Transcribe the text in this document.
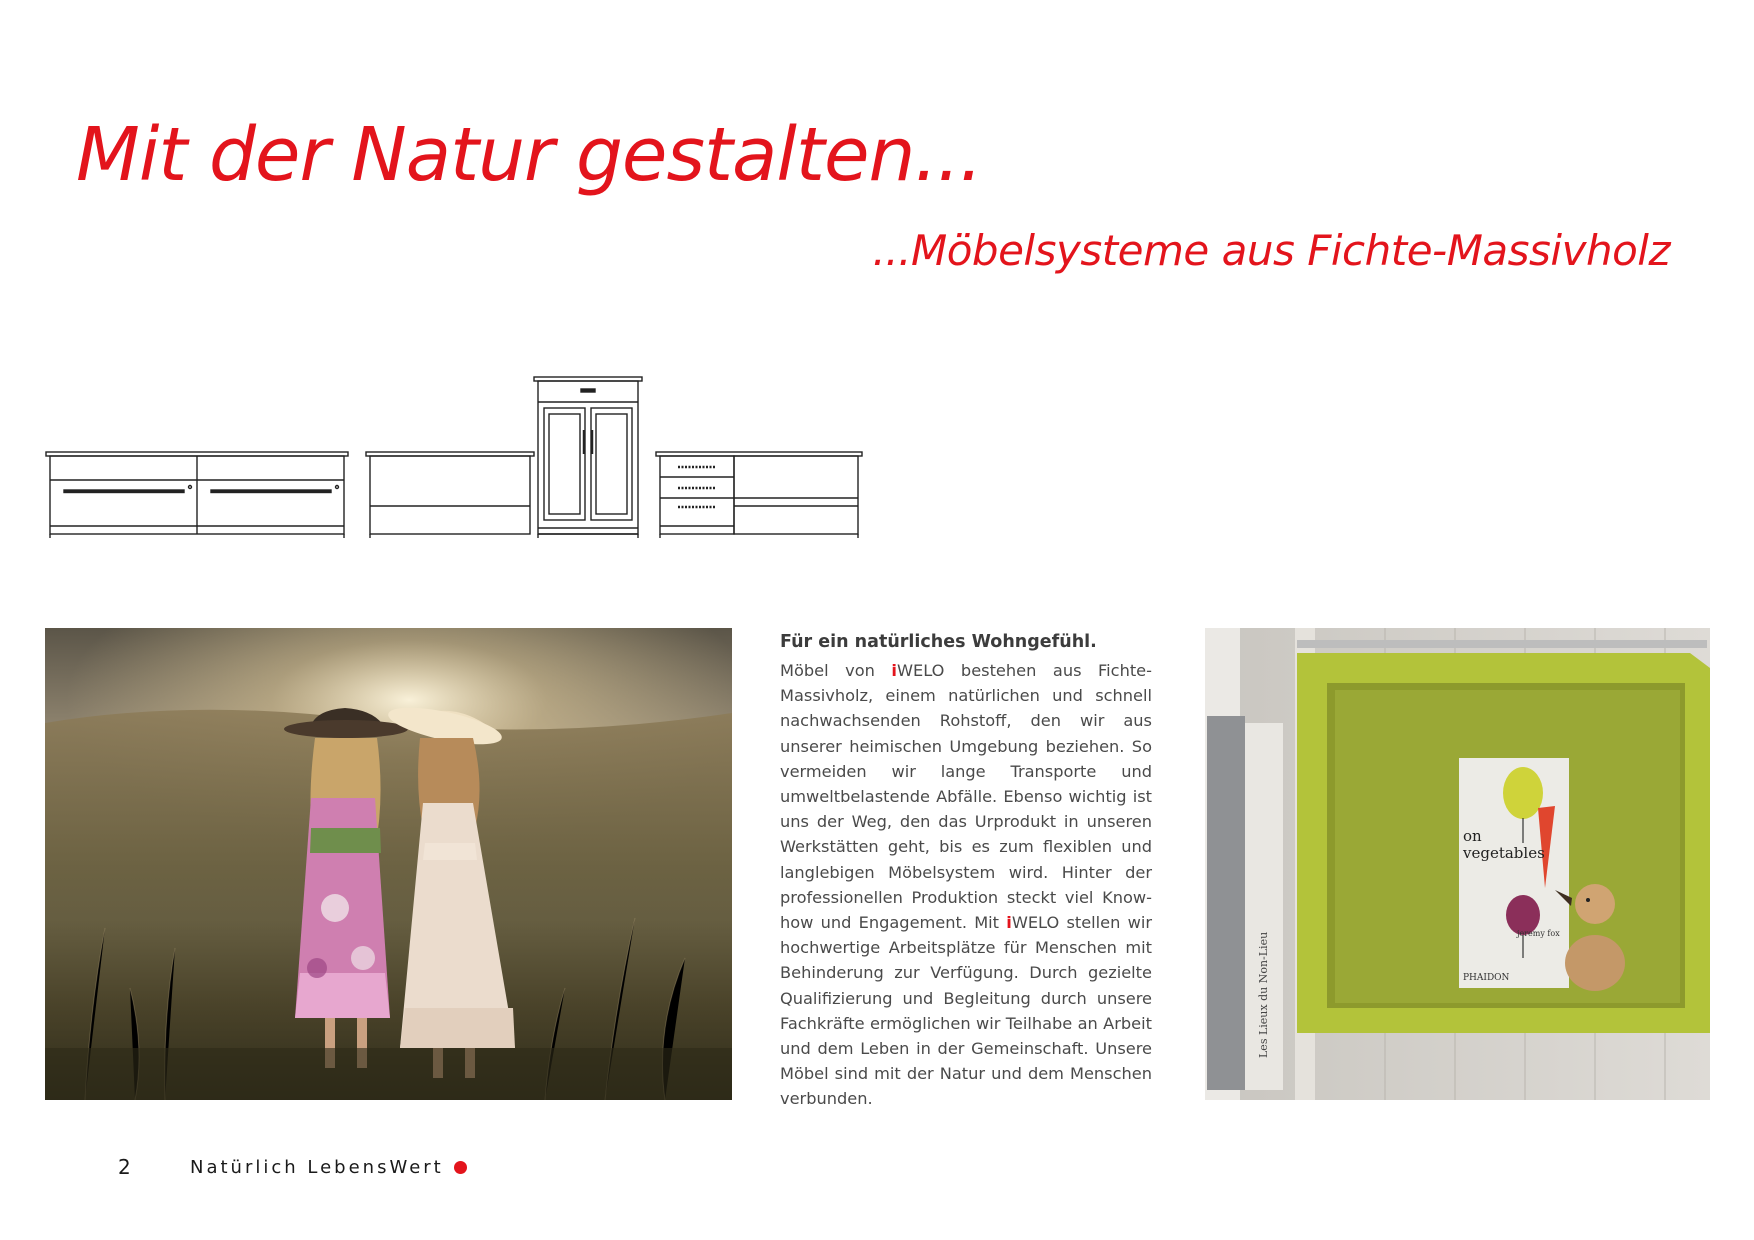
Mit der Natur gestalten...
...Möbelsysteme aus Fichte-Massivholz
Für ein natürliches Wohngefühl.

Möbel von iWELO bestehen aus Fichte-Massivholz, einem natürlichen und schnell nachwachsenden Rohstoff, den wir aus unserer heimischen Umgebung beziehen. So vermeiden wir lange Transporte und umweltbelastende Abfälle. Ebenso wichtig ist uns der Weg, den das Urprodukt in unseren Werkstätten geht, bis es zum flexiblen und langlebigen Möbelsystem wird. Hinter der professionellen Produktion steckt viel Know-how und Engagement. Mit iWELO stellen wir hochwertige Arbeitsplätze für Menschen mit Behinderung zur Verfügung. Durch gezielte Qualifizierung und Begleitung durch unsere Fachkräfte ermöglichen wir Teilhabe an Arbeit und dem Leben in der Gemeinschaft. Unsere Möbel sind mit der Natur und dem Menschen verbunden.

Les Lieux du Non-Lieu
on
vegetables
jeremy fox
PHAIDON
2	Natürlich LebensWert
